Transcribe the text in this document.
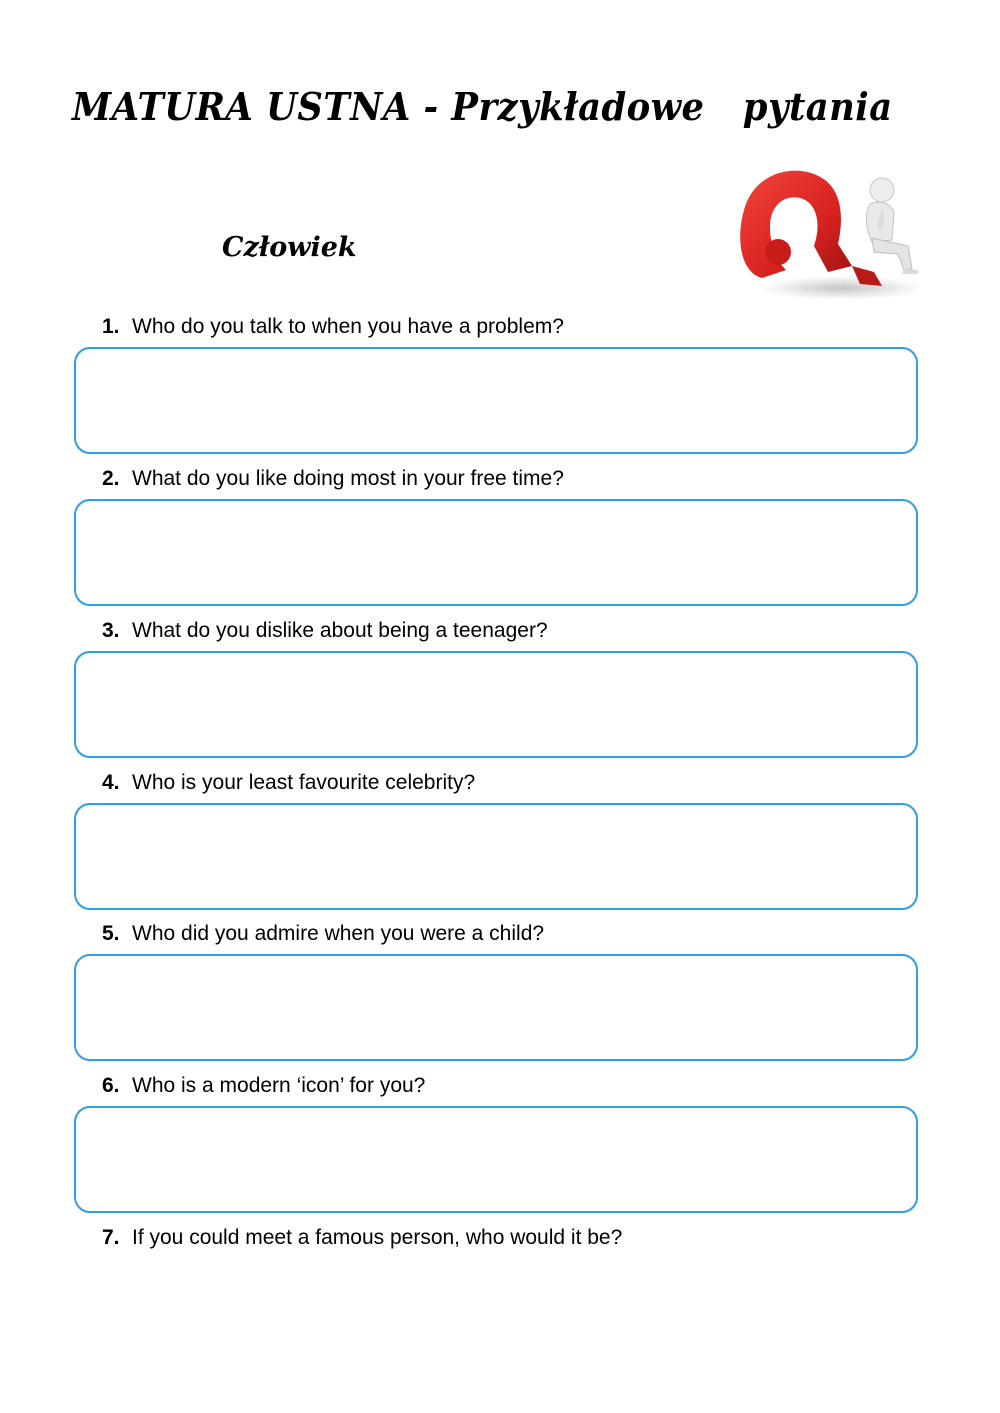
MATURA USTNA - Przykładowe   pytania
Człowiek
1. Who do you talk to when you have a problem?
2. What do you like doing most in your free time?
3. What do you dislike about being a teenager?
4. Who is your least favourite celebrity?
5. Who did you admire when you were a child?
6. Who is a modern ‘icon’ for you?
7. If you could meet a famous person, who would it be?
